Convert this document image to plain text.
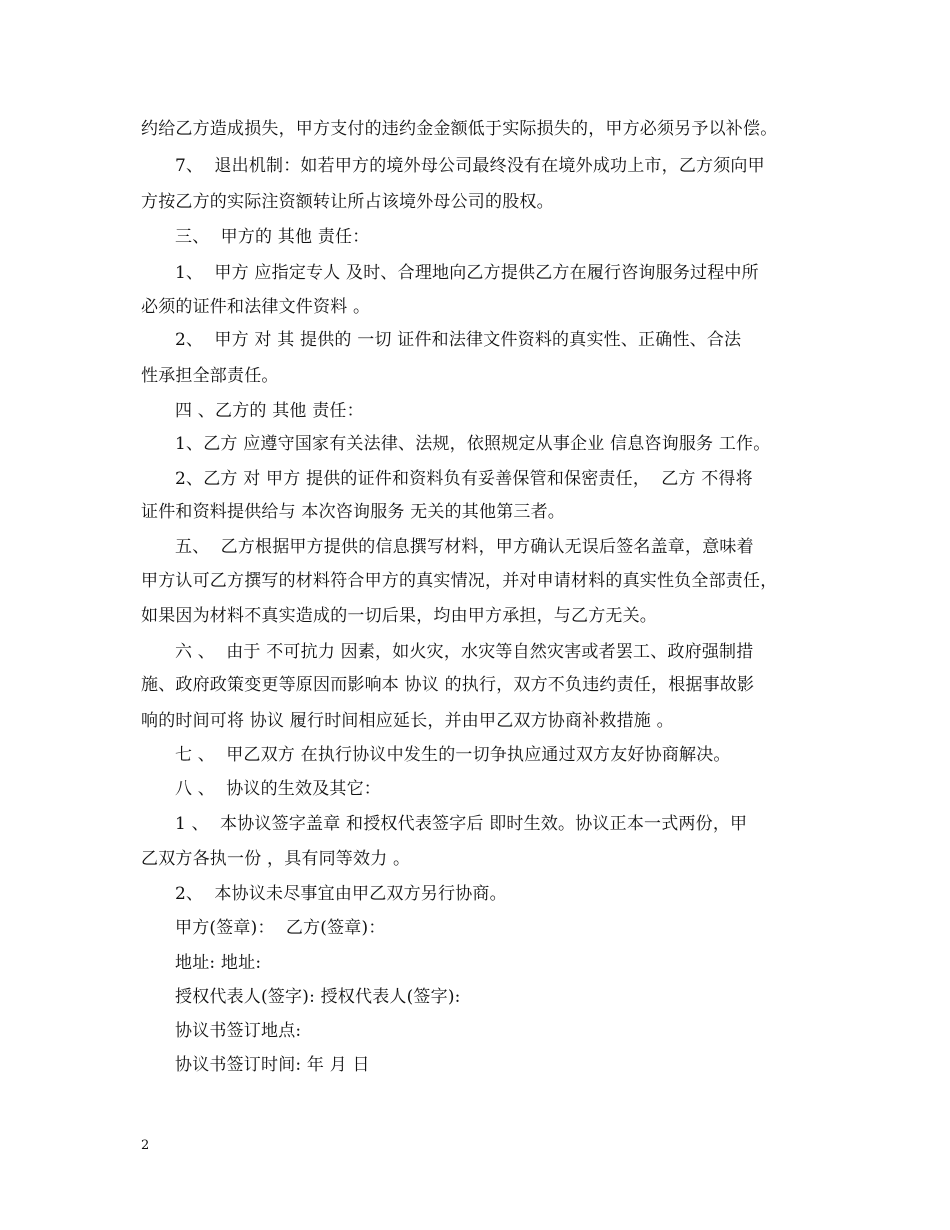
约给乙方造成损失，甲方支付的违约金金额低于实际损失的，甲方必须另予以补偿。
7、  退出机制：如若甲方的境外母公司最终没有在境外成功上市，乙方须向甲
方按乙方的实际注资额转让所占该境外母公司的股权。
三、  甲方的 其他 责任：
1、  甲方 应指定专人 及时、合理地向乙方提供乙方在履行咨询服务过程中所
必须的证件和法律文件资料 。
2、  甲方 对 其 提供的 一切 证件和法律文件资料的真实性、正确性、合法
性承担全部责任。
四 、乙方的 其他 责任：
1、乙方 应遵守国家有关法律、法规，依照规定从事企业 信息咨询服务 工作。
2、乙方 对 甲方 提供的证件和资料负有妥善保管和保密责任，  乙方 不得将
证件和资料提供给与 本次咨询服务 无关的其他第三者。
五、  乙方根据甲方提供的信息撰写材料，甲方确认无误后签名盖章，意味着
甲方认可乙方撰写的材料符合甲方的真实情况，并对申请材料的真实性负全部责任，
如果因为材料不真实造成的一切后果，均由甲方承担，与乙方无关。
六 、  由于 不可抗力 因素，如火灾，水灾等自然灾害或者罢工、政府强制措
施、政府政策变更等原因而影响本 协议 的执行，双方不负违约责任，根据事故影
响的时间可将 协议 履行时间相应延长，并由甲乙双方协商补救措施 。
七 、  甲乙双方 在执行协议中发生的一切争执应通过双方友好协商解决。
八 、  协议的生效及其它：
1 、  本协议签字盖章 和授权代表签字后 即时生效。协议正本一式两份，甲
乙双方各执一份 ，具有同等效力 。
2、  本协议未尽事宜由甲乙双方另行协商。
甲方(签章)：  乙方(签章)：
地址: 地址:
授权代表人(签字): 授权代表人(签字):
协议书签订地点:
协议书签订时间: 年 月 日
2
